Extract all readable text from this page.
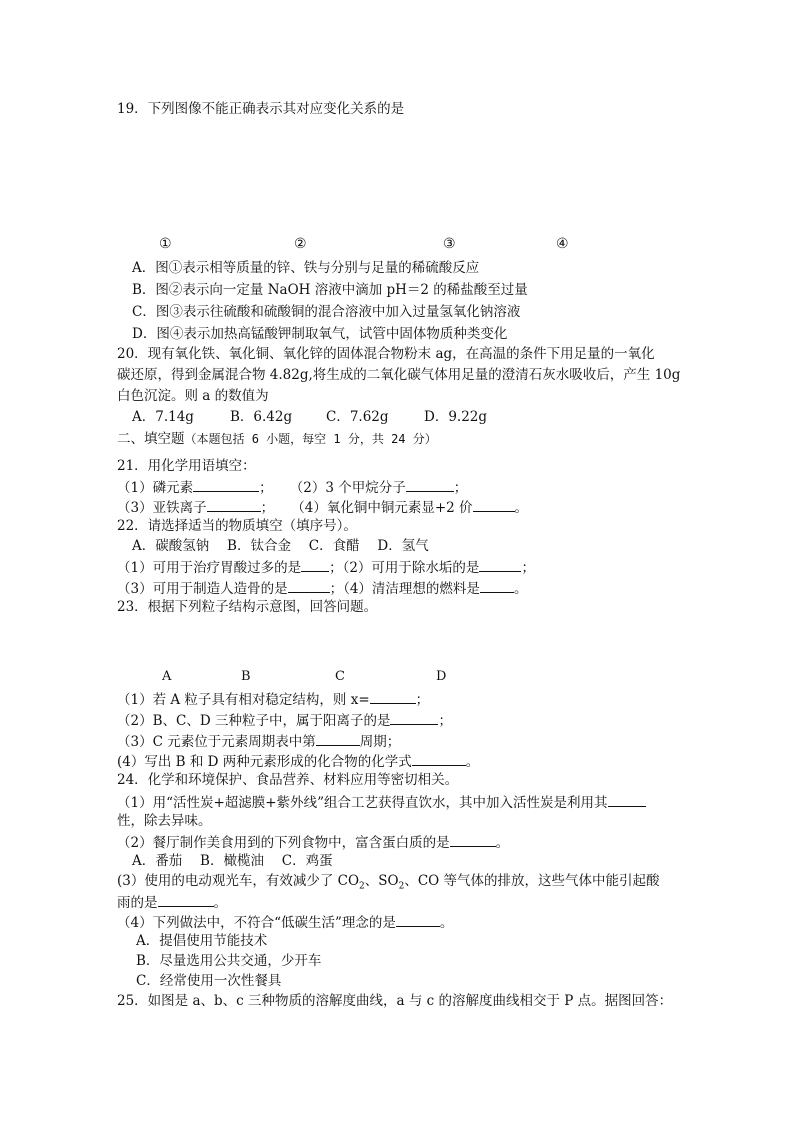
19．下列图像不能正确表示其对应变化关系的是
①	②	③	④
A．图①表示相等质量的锌、铁与分别与足量的稀硫酸反应
B．图②表示向一定量 NaOH 溶液中滴加 pH＝2 的稀盐酸至过量
C．图③表示往硫酸和硫酸铜的混合溶液中加入过量氢氧化钠溶液
D．图④表示加热高锰酸钾制取氧气，试管中固体物质种类变化
20．现有氧化铁、氧化铜、氧化锌的固体混合物粉末 ag，在高温的条件下用足量的一氧化
碳还原，得到金属混合物 4.82g,将生成的二氧化碳气体用足量的澄清石灰水吸收后，产生 10g
白色沉淀。则 a 的数值为
A．7.14g	B．6.42g	C．7.62g	D．9.22g
二、填空题（本题包括 6 小题，每空 1 分，共 24 分）
21．用化学用语填空：
（1）磷元素	； （2）3 个甲烷分子	；
（3）亚铁离子	； （4）氧化铜中铜元素显+2 价	。
22．请选择适当的物质填空（填序号）。
A．碳酸氢钠　 B．钛合金　 C．食醋　 D．氢气
（1）可用于治疗胃酸过多的是 ；（2）可用于除水垢的是	；
（3）可用于制造人造骨的是	；（4）清洁理想的燃料是	。
23．根据下列粒子结构示意图，回答问题。
A	B	C	D
（1）若 A 粒子具有相对稳定结构，则 x=	；
（2）B、C、D 三种粒子中，属于阳离子的是	；
（3）C 元素位于元素周期表中第	周期；
(4）写出 B 和 D 两种元素形成的化合物的化学式	。
24．化学和环境保护、食品营养、材料应用等密切相关。
（1）用“活性炭+超滤膜+紫外线”组合工艺获得直饮水，其中加入活性炭是利用其
性，除去异味。
（2）餐厅制作美食用到的下列食物中，富含蛋白质的是	。
A．番茄　 B．橄榄油　 C．鸡蛋
(3）使用的电动观光车，有效减少了 $CO_2$、$SO_2$、CO 等气体的排放，这些气体中能引起酸
雨的是	。
（4）下列做法中，不符合“低碳生活”理念的是	。
A．提倡使用节能技术
B．尽量选用公共交通，少开车
C．经常使用一次性餐具
25．如图是 a、b、c 三种物质的溶解度曲线，a 与 c 的溶解度曲线相交于 P 点。据图回答：
